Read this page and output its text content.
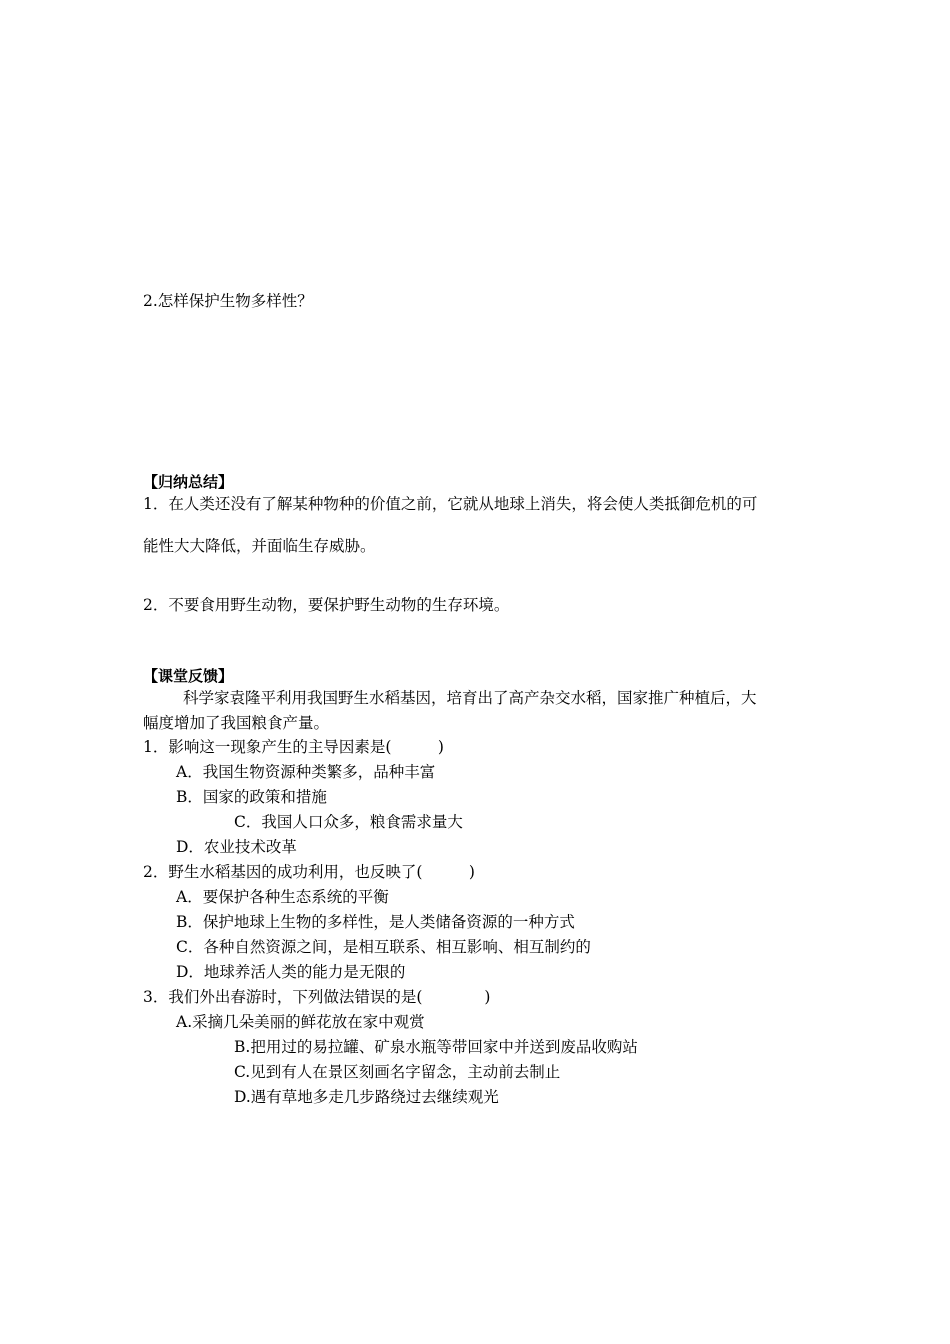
2.怎样保护生物多样性？
【归纳总结】
1．在人类还没有了解某种物种的价值之前，它就从地球上消失，将会使人类抵御危机的可
能性大大降低，并面临生存威胁。
2．不要食用野生动物，要保护野生动物的生存环境。
【课堂反馈】
科学家袁隆平利用我国野生水稻基因，培育出了高产杂交水稻，国家推广种植后，大
幅度增加了我国粮食产量。
1．影响这一现象产生的主导因素是(　　　)
A．我国生物资源种类繁多，品种丰富
B．国家的政策和措施
C．我国人口众多，粮食需求量大
D．农业技术改革
2．野生水稻基因的成功利用，也反映了(　　　)
A．要保护各种生态系统的平衡
B．保护地球上生物的多样性，是人类储备资源的一种方式
C．各种自然资源之间，是相互联系、相互影响、相互制约的
D．地球养活人类的能力是无限的
3．我们外出春游时，下列做法错误的是(　　　　)
A.采摘几朵美丽的鲜花放在家中观赏
B.把用过的易拉罐、矿泉水瓶等带回家中并送到废品收购站
C.见到有人在景区刻画名字留念，主动前去制止
D.遇有草地多走几步路绕过去继续观光
